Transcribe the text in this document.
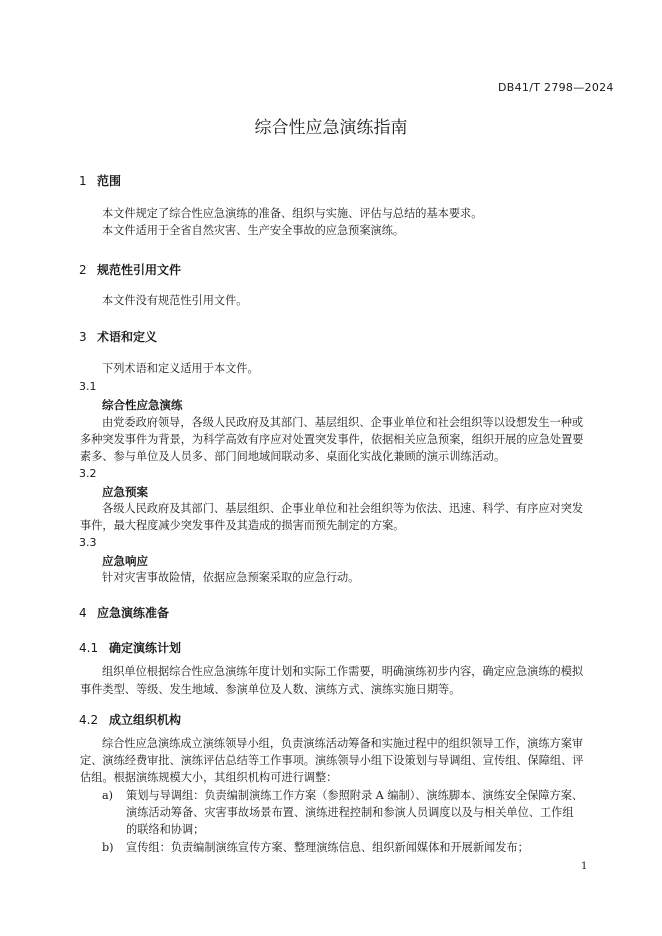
DB41/T 2798—2024
综合性应急演练指南
1 范围
本文件规定了综合性应急演练的准备、组织与实施、评估与总结的基本要求。
本文件适用于全省自然灾害、生产安全事故的应急预案演练。
2 规范性引用文件
本文件没有规范性引用文件。
3 术语和定义
下列术语和定义适用于本文件。
3.1
综合性应急演练
由党委政府领导，各级人民政府及其部门、基层组织、企事业单位和社会组织等以设想发生一种或
多种突发事件为背景，为科学高效有序应对处置突发事件，依据相关应急预案，组织开展的应急处置要
素多、参与单位及人员多、部门间地域间联动多、桌面化实战化兼顾的演示训练活动。
3.2
应急预案
各级人民政府及其部门、基层组织、企事业单位和社会组织等为依法、迅速、科学、有序应对突发
事件，最大程度减少突发事件及其造成的损害而预先制定的方案。
3.3
应急响应
针对灾害事故险情，依据应急预案采取的应急行动。
4 应急演练准备
4.1 确定演练计划
组织单位根据综合性应急演练年度计划和实际工作需要，明确演练初步内容，确定应急演练的模拟
事件类型、等级、发生地域、参演单位及人数、演练方式、演练实施日期等。
4.2 成立组织机构
综合性应急演练成立演练领导小组，负责演练活动筹备和实施过程中的组织领导工作，演练方案审
定、演练经费审批、演练评估总结等工作事项。演练领导小组下设策划与导调组、宣传组、保障组、评
估组。根据演练规模大小，其组织机构可进行调整：
a) 策划与导调组：负责编制演练工作方案（参照附录 A 编制）、演练脚本、演练安全保障方案、
演练活动筹备、灾害事故场景布置、演练进程控制和参演人员调度以及与相关单位、工作组
的联络和协调；
b) 宣传组：负责编制演练宣传方案、整理演练信息、组织新闻媒体和开展新闻发布；
1
